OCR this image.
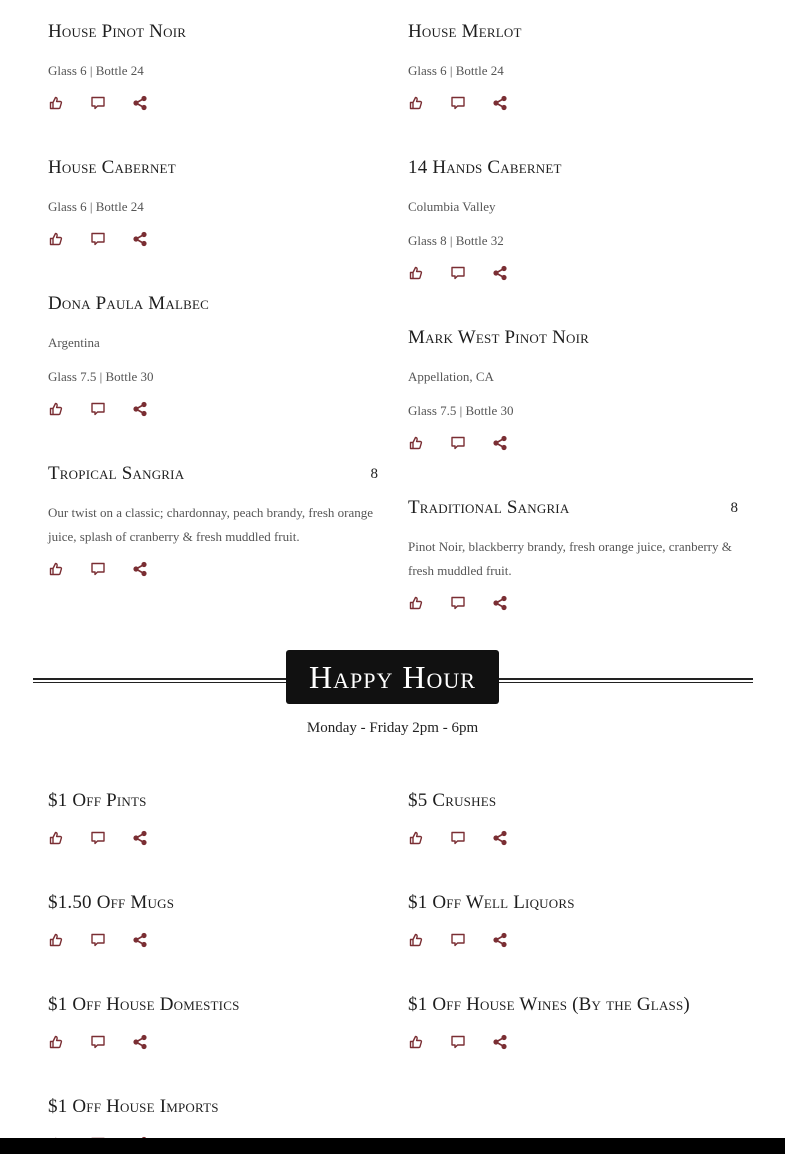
House Pinot Noir
Glass 6 | Bottle 24
House Merlot
Glass 6 | Bottle 24
House Cabernet
Glass 6 | Bottle 24
14 Hands Cabernet
Columbia Valley
Glass 8 | Bottle 32
Dona Paula Malbec
Argentina
Glass 7.5 | Bottle 30
Mark West Pinot Noir
Appellation, CA
Glass 7.5 | Bottle 30
Tropical Sangria	8
Our twist on a classic; chardonnay, peach brandy, fresh orange juice, splash of cranberry & fresh muddled fruit.
Traditional Sangria	8
Pinot Noir, blackberry brandy, fresh orange juice, cranberry & fresh muddled fruit.
Happy Hour
Monday - Friday 2pm - 6pm
$1 Off Pints	$5 Crushes
$1.50 Off Mugs	$1 Off Well Liquors
$1 Off House Domestics	$1 Off House Wines (By the Glass)
$1 Off House Imports
